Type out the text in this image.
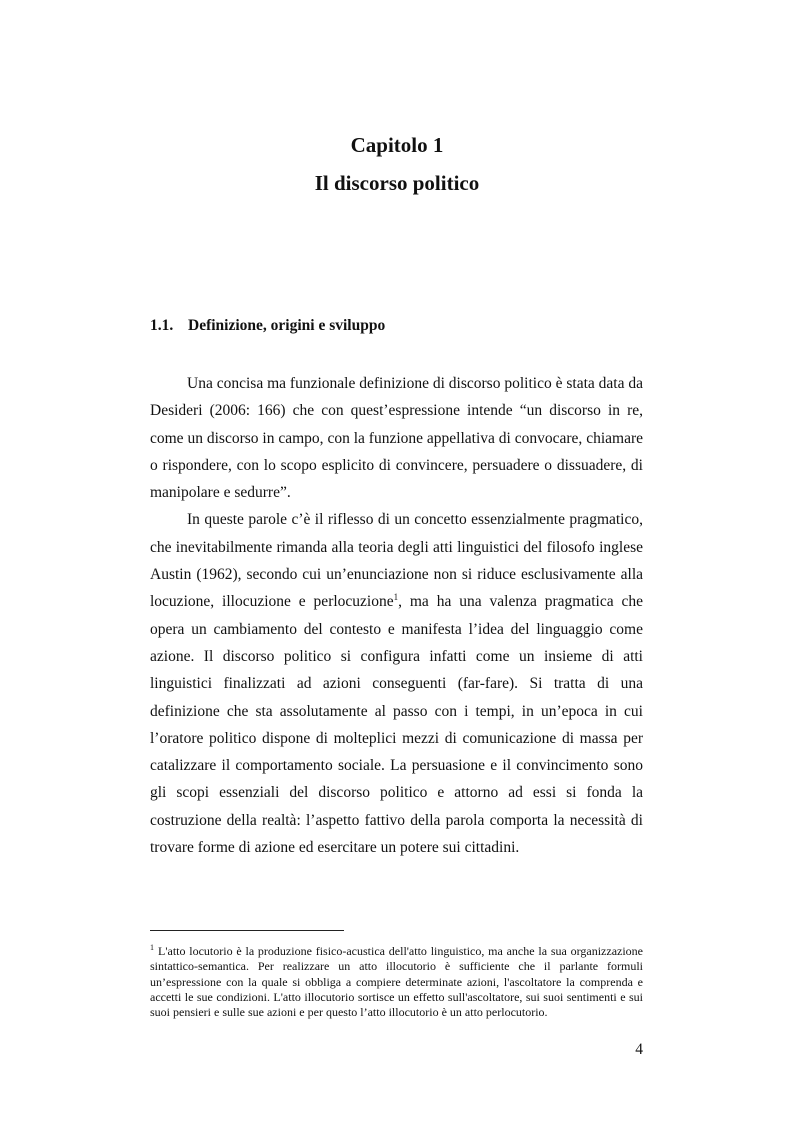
Capitolo 1
Il discorso politico
1.1. Definizione, origini e sviluppo

Una concisa ma funzionale definizione di discorso politico è stata data da Desideri (2006: 166) che con quest’espressione intende “un discorso in re, come un discorso in campo, con la funzione appellativa di convocare, chiamare o rispondere, con lo scopo esplicito di convincere, persuadere o dissuadere, di manipolare e sedurre”.

In queste parole c’è il riflesso di un concetto essenzialmente pragmatico, che inevitabilmente rimanda alla teoria degli atti linguistici del filosofo inglese Austin (1962), secondo cui un’enunciazione non si riduce esclusivamente alla locuzione, illocuzione e perlocuzione$^1$, ma ha una valenza pragmatica che opera un cambiamento del contesto e manifesta l’idea del linguaggio come azione. Il discorso politico si configura infatti come un insieme di atti linguistici finalizzati ad azioni conseguenti (far-farе). Si tratta di una definizione che sta assolutamente al passo con i tempi, in un’epoca in cui l’oratore politico dispone di molteplici mezzi di comunicazione di massa per catalizzare il comportamento sociale. La persuasione e il convincimento sono gli scopi essenziali del discorso politico e attorno ad essi si fonda la costruzione della realtà: l’aspetto fattivo della parola comporta la necessità di trovare forme di azione ed esercitare un potere sui cittadini.

$^1$ L'atto locutorio è la produzione fisico-acustica dell'atto linguistico, ma anche la sua organizzazione sintattico-semantica. Per realizzare un atto illocutorio è sufficiente che il parlante formuli un’espressione con la quale si obbliga a compiere determinate azioni, l'ascoltatore la comprenda e accetti le sue condizioni. L'atto illocutorio sortisce un effetto sull'ascoltatore, sui suoi sentimenti e sui suoi pensieri e sulle sue azioni e per questo l’atto illocutorio è un atto perlocutorio.

4
